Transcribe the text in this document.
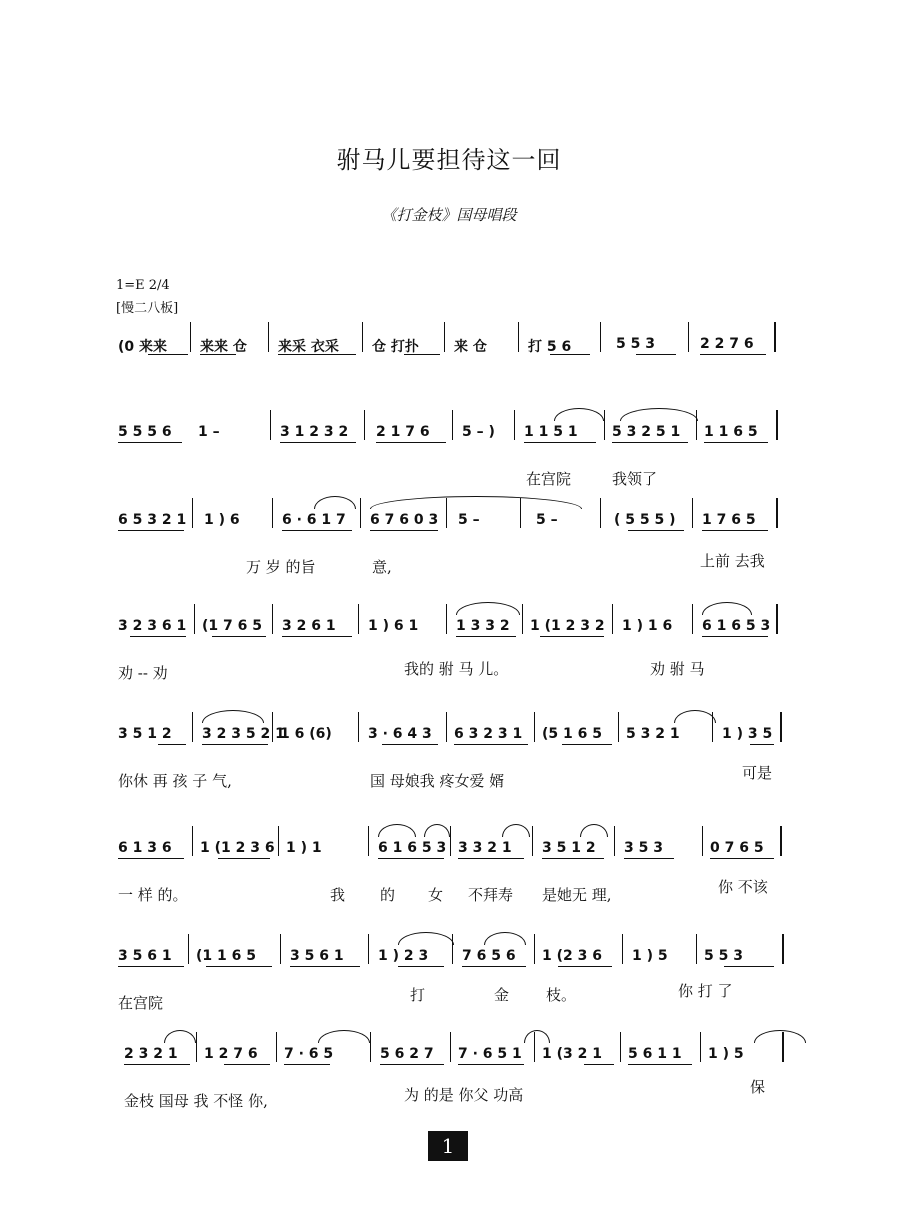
驸马儿要担待这一回
《打金枝》国母唱段
1=E 2/4
[慢二八板]
(0 来来 来来 仓 来采 衣采 仓 打扑	来 仓	打 5 6	5 5 3	2 2 7 6
5 5 5 6 1 –	3 1 2 3 2 2 1 7 6 5 – ) 1 1 5 1 5 3 2 5 1 1 1 6 5
在宫院	我领了
6 5 3 2 1 1 ) 6	6 · 6 1 7 6 7 6 0 3 5 –	5 –	( 5 5 5 ) 1 7 6 5
万 岁 的旨	意,	上前 去我
3 2 3 6 1 (1 7 6 5 3 2 6 1 1 ) 6 1	1 3 3 2 1 (1 2 3 2 1 ) 1 6 6 1 6 5 3
劝 -- 劝	我的 驸 马 儿。	劝 驸 马
3 5 1 2 3 2 3 5 2 1
1 6 (6)	3 · 6 4 3 6 3 2 3 1 (5 1 6 5 5 3 2 1	1 ) 3 5
你休 再 孩 子 气,	国 母娘我 疼女爱 婿	可是
6 1 3 6 1 (1 2 3 6 1 ) 1	6 1 6 5 3 3 3 2 1 3 5 1 2 3 5 3	0 7 6 5
一 样 的。	我 的 女 不拜寿 是她无 理,	你 不该
3 5 6 1 (1 1 6 5 3 5 6 1 1 ) 2 3 7 6 5 6 1 (2 3 6 1 ) 5	5 5 3
在宫院	打	金 枝。	你 打 了
2 3 2 1 1 2 7 6 7 · 6 5	5 6 2 7 7 · 6 5 1 1 (3 2 1 5 6 1 1 1 ) 5
金枝 国母 我 不怪 你,	为 的是 你父 功高	保
1
